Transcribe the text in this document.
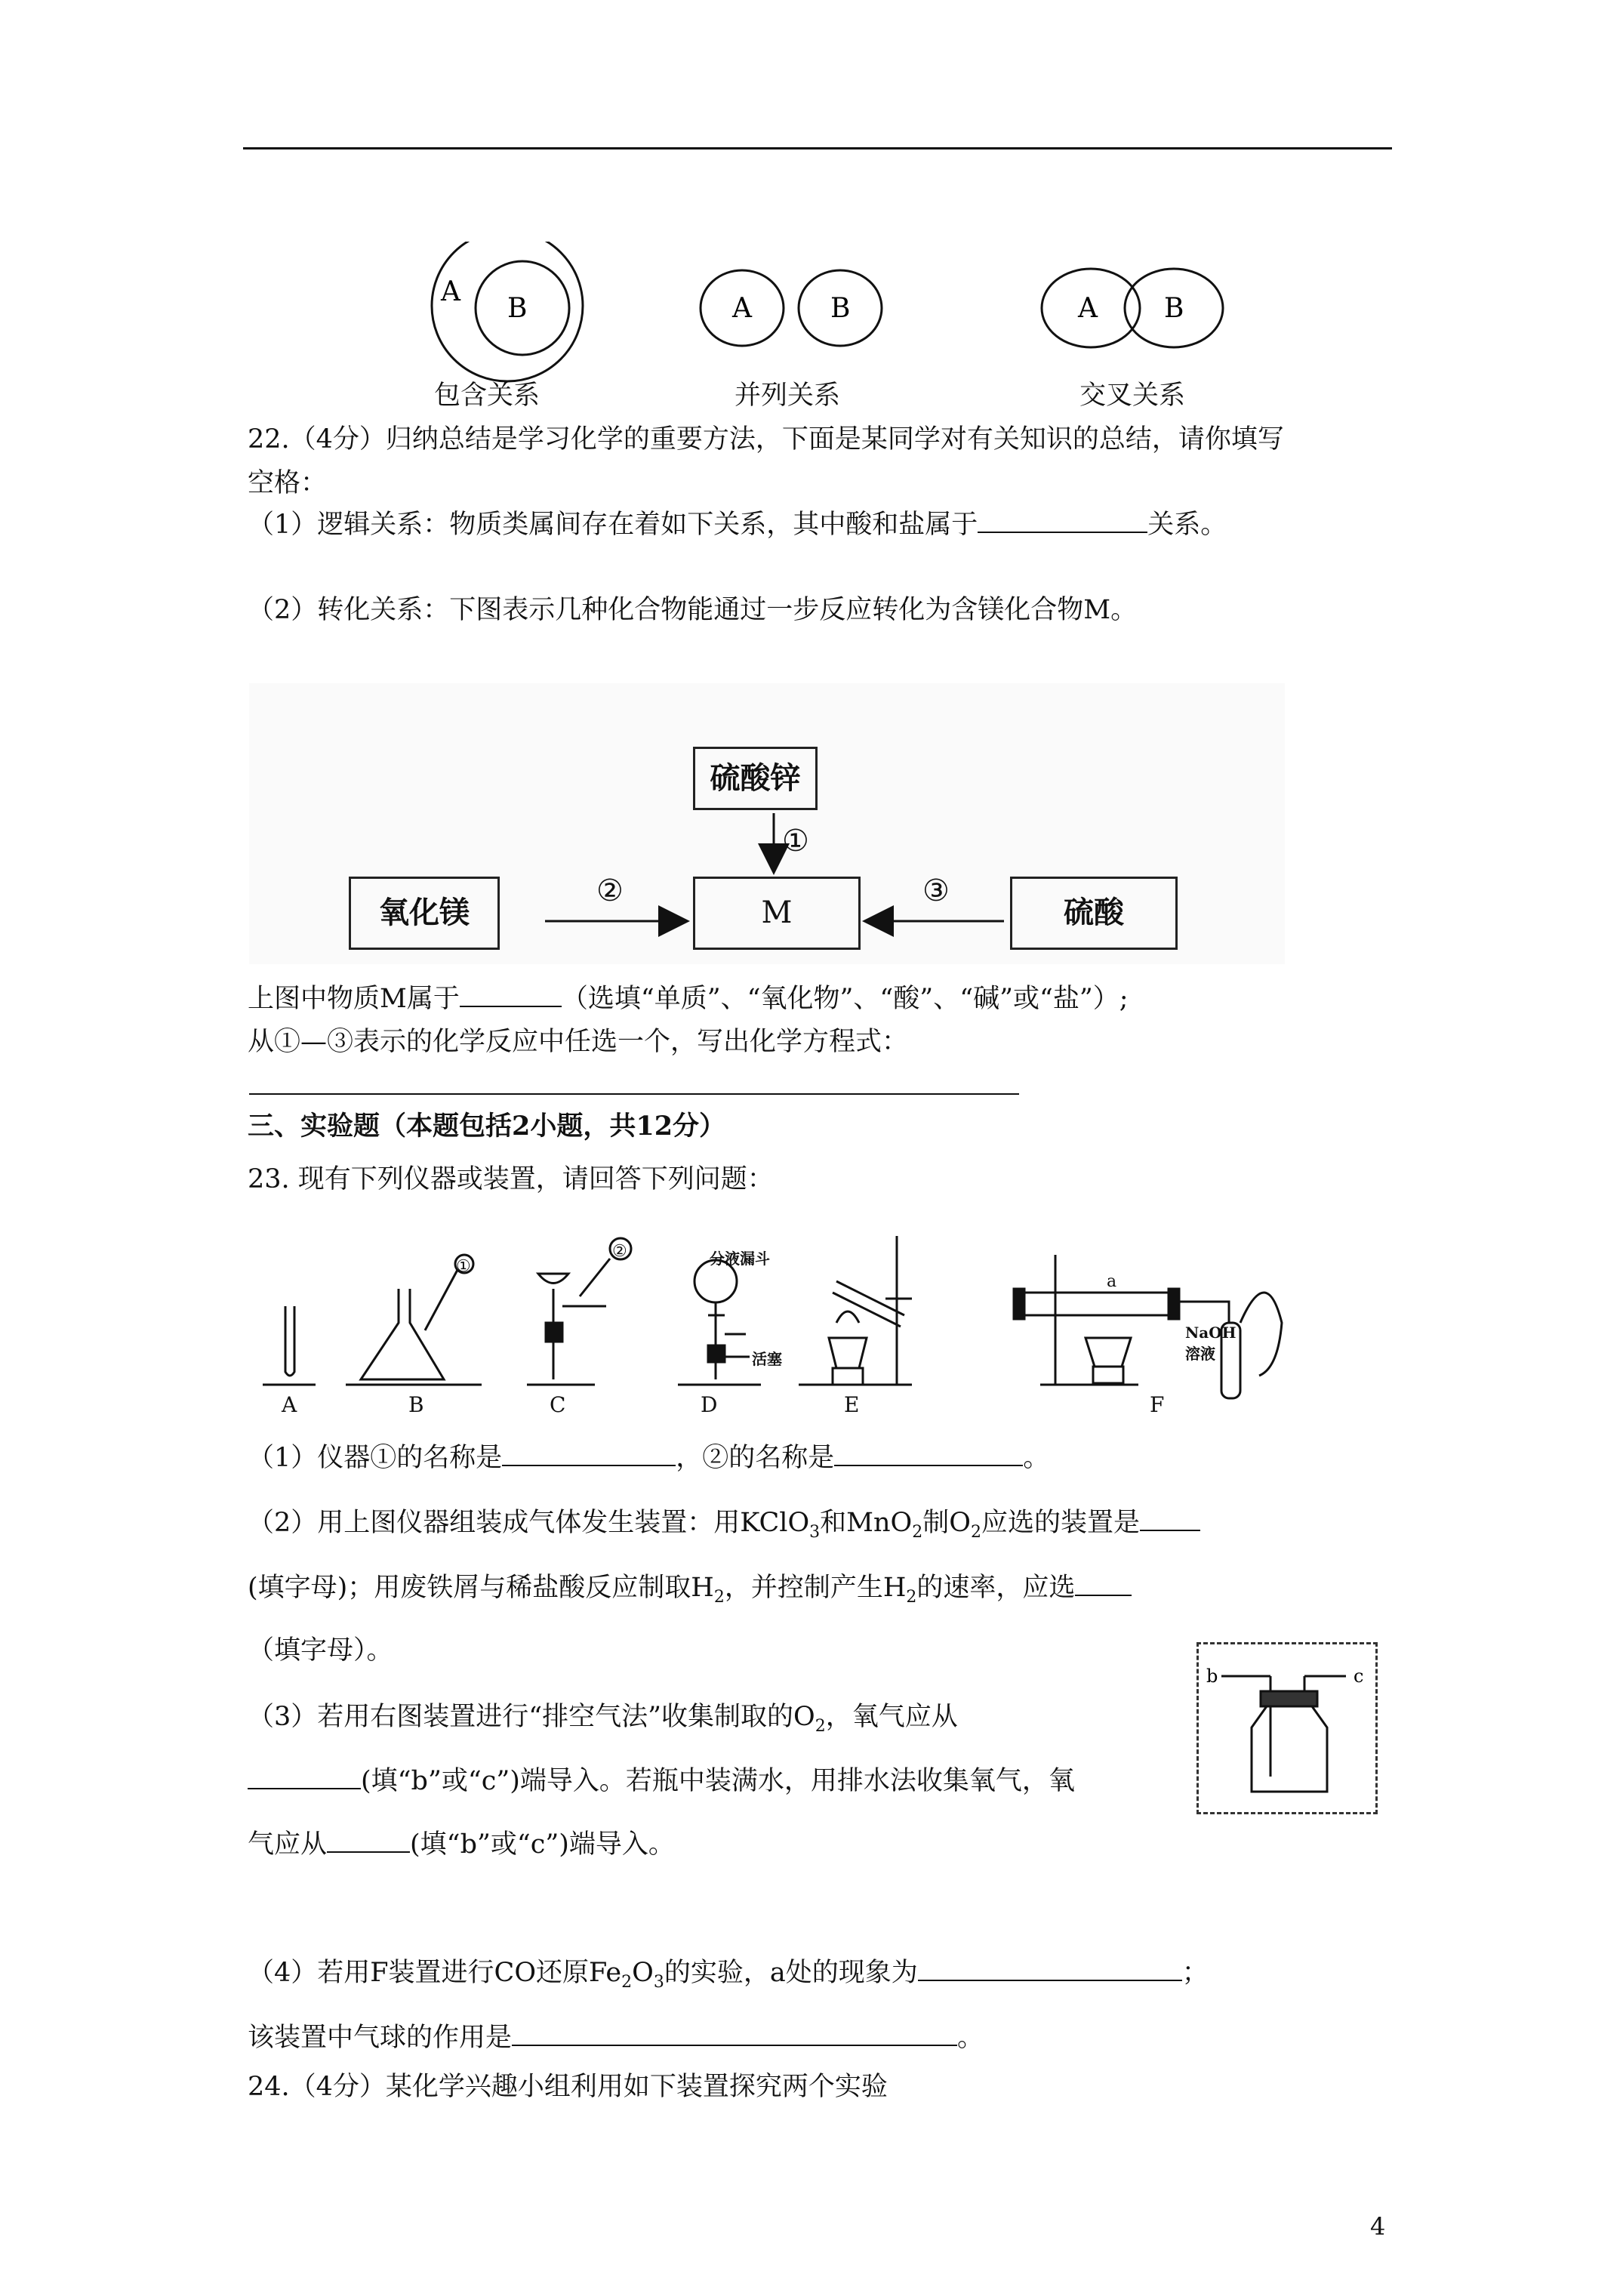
A
B	A	B	A B
包含关系	并列关系	交叉关系
22.（4分）归纳总结是学习化学的重要方法，下面是某同学对有关知识的总结，请你填写
空格：
（1）逻辑关系：物质类属间存在着如下关系，其中酸和盐属于	关系。
（2）转化关系：下图表示几种化合物能通过一步反应转化为含镁化合物M。
硫酸锌
氧化镁	M	硫酸
①
②	③
上图中物质M属于	（选填“单质”、“氧化物”、“酸”、“碱”或“盐”）;
从①—③表示的化学反应中任选一个，写出化学方程式：
三、实验题（本题包括2小题，共12分）
23. 现有下列仪器或装置，请回答下列问题：
A	B	C	D	E	F
①
②	分液漏斗
活塞
a
NaOH
溶液
（1）仪器①的名称是	，②的名称是	。
（2）用上图仪器组装成气体发生装置：用KClO$_3$和MnO$_2$制$O_2$应选的装置是
(填字母)；用废铁屑与稀盐酸反应制取$H_2$，并控制产生$H_2$的速率，应选
（填字母）。
（3）若用右图装置进行“排空气法”收集制取的$O_2$，氧气应从
(填“b”或“c”)端导入。若瓶中装满水，用排水法收集氧气，氧
气应从	(填“b”或“c”)端导入。
b	c
（4）若用F装置进行CO还原$Fe_2O_3$的实验，a处的现象为	；
该装置中气球的作用是	。
24.（4分）某化学兴趣小组利用如下装置探究两个实验
4
